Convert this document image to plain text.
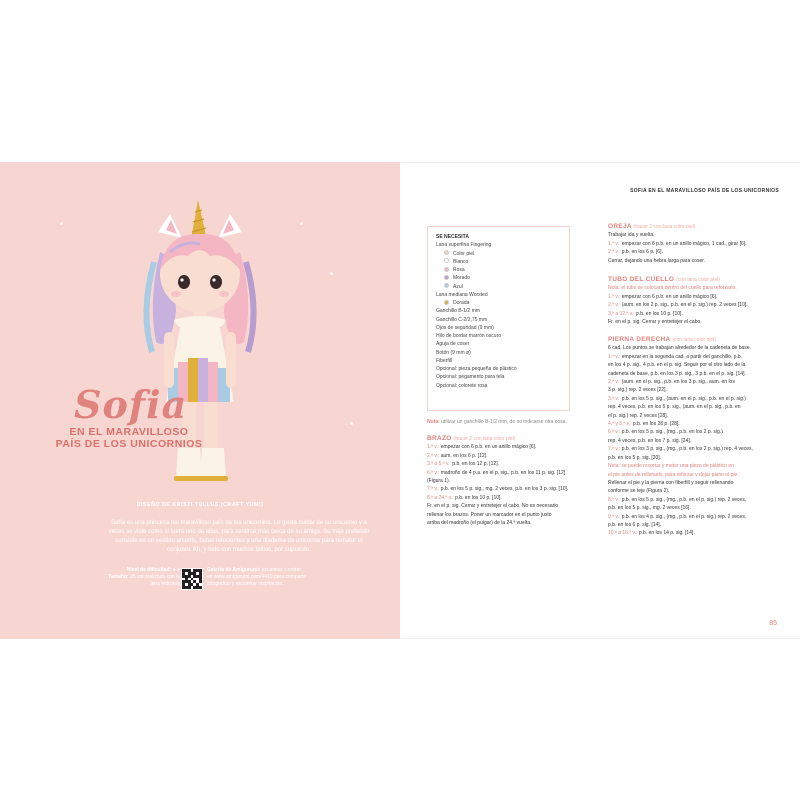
Sofia
EN EL MARAVILLOSO
PAÍS DE LOS UNICORNIOS
DISEÑO DE KRISTI TULLUS (CRAFT YUM!)
Sofía es una princesa del maravilloso país de los unicornios. Le gusta cuidar de su unicornio y a veces se viste como si fuera uno de ellos, para sentirse más cerca de su amigo. Su traje preferido consiste en un vestido arcoíris, botas relucientes y una diadema de unicornio para rematar el conjunto. Ah, y todo con muchos brillos, por supuesto.
Nivel de dificultad: ● ●
Tamaño: 25 cm realizado con la lana indicada
Galería de Amigurumi: escanear o entrar en www.amigurumi.com/4410 para compartir fotografías y encontrar inspiración.
SOFIA EN EL MARAVILLOSO PAÍS DE LOS UNICORNIOS
SE NECESITA
Lana superfina Fingering
Color piel
Blanco
Rosa
Morado
Azul
Lana mediana Worsted
Dorada
Ganchillo B-1/2 mm
Ganchillo C-2/2,75 mm
Ojos de seguridad (9 mm)
Hilo de bordar marrón oscuro
Aguja de coser
Botón (9 mm ø)
Fiberfill
Opcional: pieza pequeña de plástico
Opcional: pegamento para tela
Opcional: colorete rosa
Nota: utilizar un ganchillo B-1/2 mm, de no indicarse otra cosa.
BRAZO (hacer 2 con lana color piel)
1.ª v.: empezar con 6 p.b. en un anillo mágico [6].
2.ª v.: aum. en los 6 p. [12].
3.ª a 5.ª v.: p.b. en los 12 p. [12].
6.ª v.: madroño de 4 p.a. en el p. sig., p.b. en los 11 p. sig. [12]
(Figura 1).
7.ª v.: p.b. en los 5 p. sig., mg. 2 veces, p.b. en los 3 p. sig. [10].
8.ª a 24.ª v.: p.b. en los 10 p. [10].
Fr. en el p. sig. Cerrar y entretejer el cabo. No es necesario
rellenar los brazos. Poner un marcador en el punto justo
arriba del madroño (el pulgar) de la 24.ª vuelta.
OREJA (hacer 2 con lana color piel)
Trabajar ida y vuelta.
1.ª v.: empezar con 6 p.b. en un anillo mágico, 1 cad., girar [6].
2.ª v.: p.b. en los 6 p. [6].
Cerrar, dejando una hebra larga para coser.
TUBO DEL CUELLO (con lana color piel)
Nota: el tubo se colocará dentro del cuello para reforzarlo.
1.ª v.: empezar con 6 p.b. en un anillo mágico [6].
2.ª v.: (aum. en los 2 p. sig., p.b. en el p. sig.) rep. 2 veces [10].
3.ª a 12.ª v.: p.b. en los 10 p. [10].
Fr. en el p. sig. Cerrar y entretejer el cabo.
PIERNA DERECHA (con lana color piel)
6 cad. Los puntos se trabajan alrededor de la cadeneta de base.
1.ª v.: empezar en la segunda cad. a partir del ganchillo, p.b.
en los 4 p. sig., 4 p.b. en el p. sig. Seguir por el otro lado de la
cadeneta de base, p.b. en los 3 p. sig., 3 p.b. en el p. sig. [14].
2.ª v.: (aum. en el p. sig., p.b. en los 3 p. sig., aum. en los
3 p. sig.) rep. 2 veces [22].
3.ª v.: p.b. en los 5 p. sig., (aum. en el p. sig., p.b. en el p. sig.)
rep. 4 veces, p.b. en los 5 p. sig., (aum. en el p. sig., p.b. en
el p. sig.) rep. 2 veces [28].
4.ª y 5.ª v.: p.b. en los 28 p. [28].
6.ª v.: p.b. en los 5 p. sig., (mg., p.b. en los 2 p. sig.)
rep. 4 veces, p.b. en los 7 p. sig. [24].
7.ª v.: p.b. en los 3 p. sig., (mg., p.b. en los 2 p. sig.) rep. 4 veces,
p.b. en los 5 p. sig. [20].
Nota: se puede recortar y meter una pieza de plástico en
el pie antes de rellenarlo, para reforzar y dejar plano el pie.
Rellenar el pie y la pierna con fiberfill y seguir rellenando
conforme se teje (Figura 2).
8.ª v.: p.b. en los 5 p. sig., (mg., p.b. en el p. sig.) rep. 2 veces,
p.b. en los 5 p. sig., mg. 2 veces [16].
9.ª v.: p.b. en los 4 p. sig., (mg., p.b. en el p. sig.) rep. 2 veces,
p.b. en los 6 p. sig. [14].
10.ª a 16.ª v.: p.b. en los 14 p. sig. [14].
85
